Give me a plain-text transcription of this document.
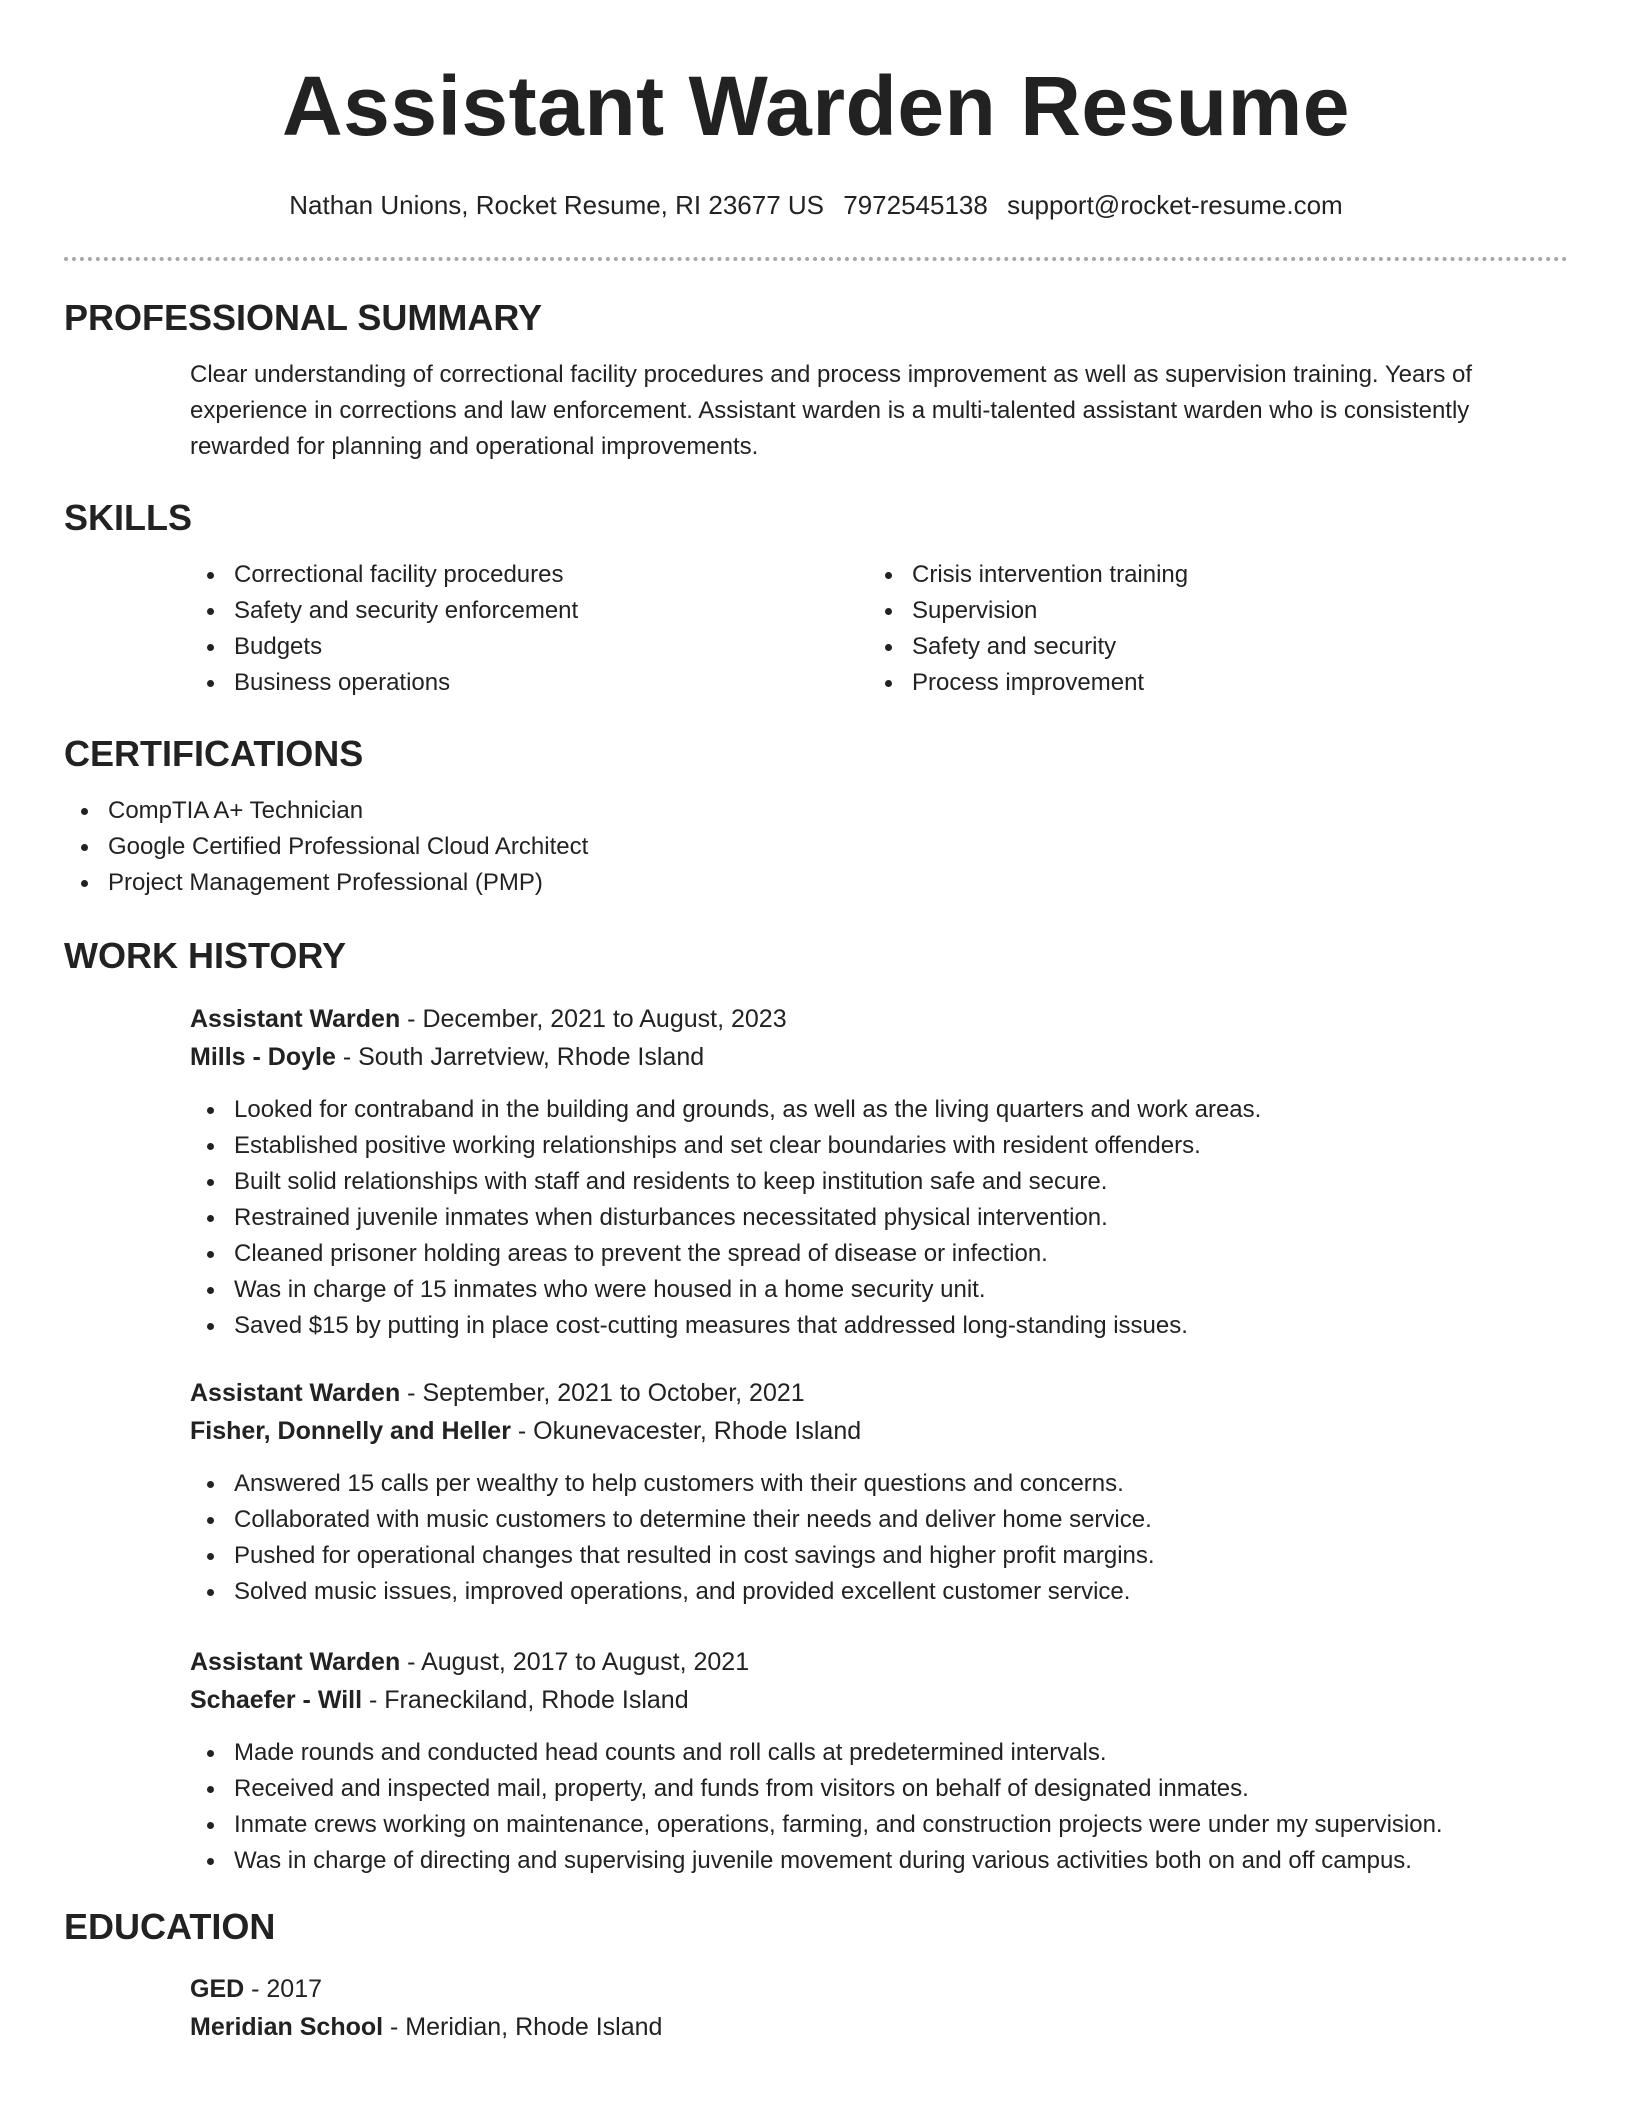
Assistant Warden Resume
Nathan Unions, Rocket Resume, RI 23677 US 7972545138 support@rocket-resume.com
PROFESSIONAL SUMMARY
Clear understanding of correctional facility procedures and process improvement as well as supervision training. Years of experience in corrections and law enforcement. Assistant warden is a multi-talented assistant warden who is consistently rewarded for planning and operational improvements.
SKILLS
Correctional facility procedures
Safety and security enforcement
Budgets
Business operations
Crisis intervention training
Supervision
Safety and security
Process improvement
CERTIFICATIONS
CompTIA A+ Technician
Google Certified Professional Cloud Architect
Project Management Professional (PMP)
WORK HISTORY
Assistant Warden - December, 2021 to August, 2023
Mills - Doyle - South Jarretview, Rhode Island
Looked for contraband in the building and grounds, as well as the living quarters and work areas.
Established positive working relationships and set clear boundaries with resident offenders.
Built solid relationships with staff and residents to keep institution safe and secure.
Restrained juvenile inmates when disturbances necessitated physical intervention.
Cleaned prisoner holding areas to prevent the spread of disease or infection.
Was in charge of 15 inmates who were housed in a home security unit.
Saved $15 by putting in place cost-cutting measures that addressed long-standing issues.
Assistant Warden - September, 2021 to October, 2021
Fisher, Donnelly and Heller - Okunevacester, Rhode Island
Answered 15 calls per wealthy to help customers with their questions and concerns.
Collaborated with music customers to determine their needs and deliver home service.
Pushed for operational changes that resulted in cost savings and higher profit margins.
Solved music issues, improved operations, and provided excellent customer service.
Assistant Warden - August, 2017 to August, 2021
Schaefer - Will - Franeckiland, Rhode Island
Made rounds and conducted head counts and roll calls at predetermined intervals.
Received and inspected mail, property, and funds from visitors on behalf of designated inmates.
Inmate crews working on maintenance, operations, farming, and construction projects were under my supervision.
Was in charge of directing and supervising juvenile movement during various activities both on and off campus.
EDUCATION
GED - 2017
Meridian School - Meridian, Rhode Island
